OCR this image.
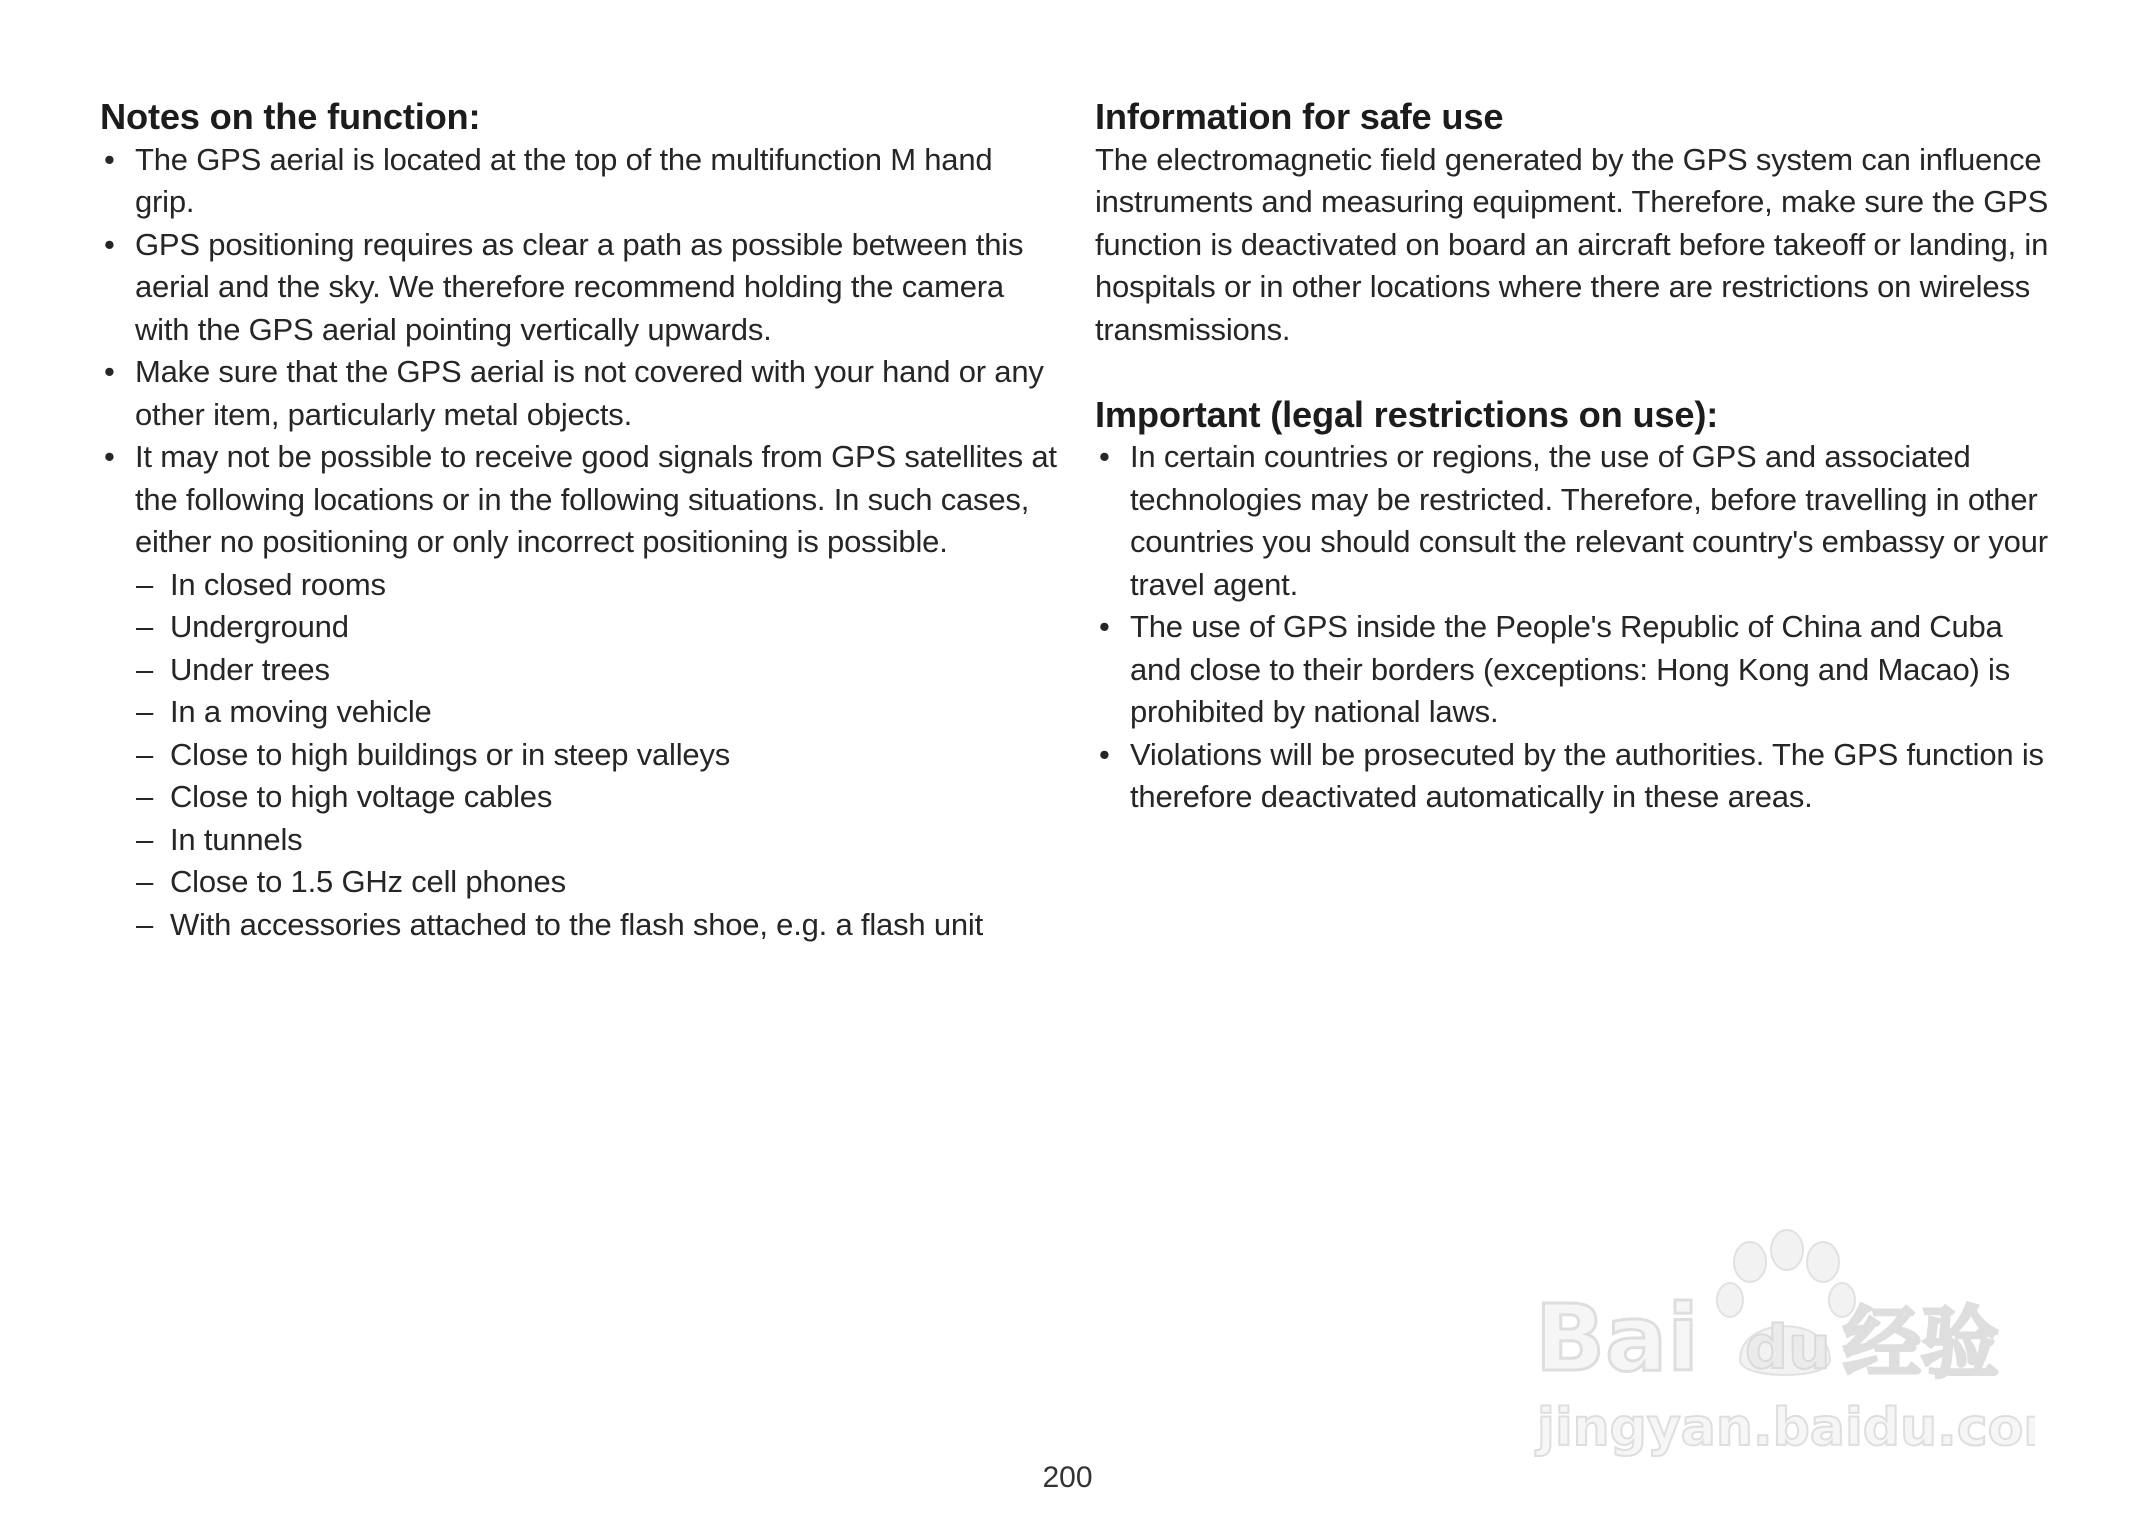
Notes on the function:
• The GPS aerial is located at the top of the multifunction M hand grip.
• GPS positioning requires as clear a path as possible between this aerial and the sky. We therefore recommend holding the camera with the GPS aerial pointing vertically upwards.
• Make sure that the GPS aerial is not covered with your hand or any other item, particularly metal objects.
• It may not be possible to receive good signals from GPS satellites at the following locations or in the following situations. In such cases, either no positioning or only incorrect positioning is possible.
– In closed rooms
– Underground
– Under trees
– In a moving vehicle
– Close to high buildings or in steep valleys
– Close to high voltage cables
– In tunnels
– Close to 1.5 GHz cell phones
– With accessories attached to the flash shoe, e.g. a flash unit
Information for safe use

The electromagnetic field generated by the GPS system can influence instruments and measuring equipment. Therefore, make sure the GPS function is deactivated on board an aircraft before takeoff or landing, in hospitals or in other locations where there are restrictions on wireless transmissions.

Important (legal restrictions on use):
• In certain countries or regions, the use of GPS and associated technologies may be restricted. Therefore, before travelling in other countries you should consult the relevant country's embassy or your travel agent.
• The use of GPS inside the People's Republic of China and Cuba and close to their borders (exceptions: Hong Kong and Macao) is prohibited by national laws.
• Violations will be prosecuted by the authorities. The GPS function is therefore deactivated automatically in these areas.
Bai du 经验
jingyan.baidu.com
200
